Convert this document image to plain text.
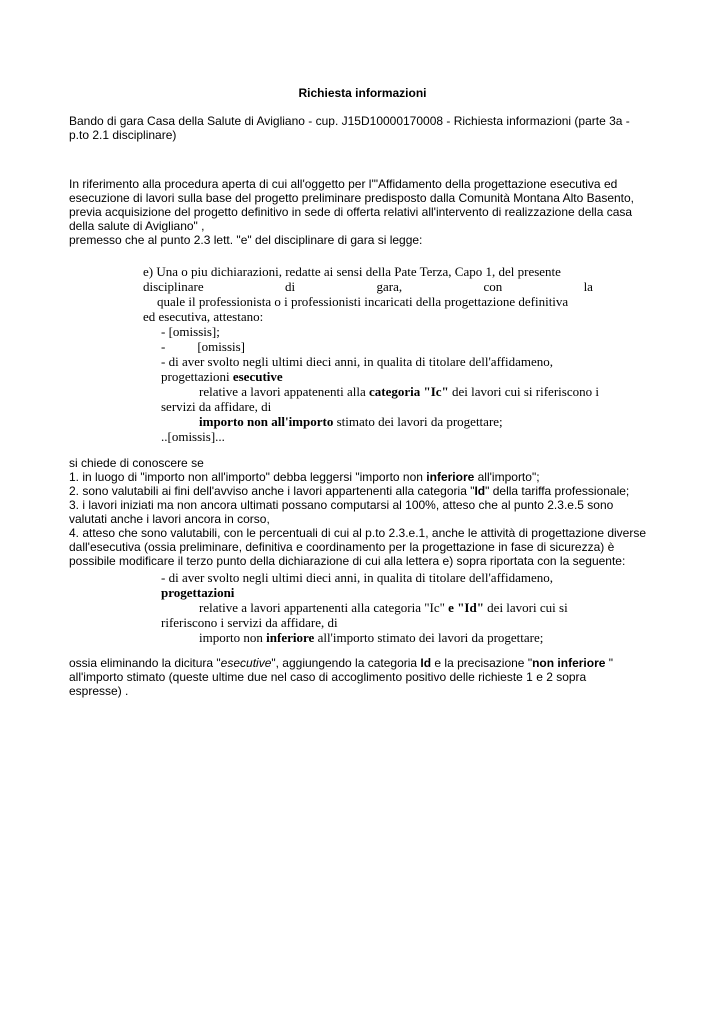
Richiesta informazioni
Bando di gara Casa della Salute di Avigliano - cup. J15D10000170008 - Richiesta informazioni (parte 3a -
p.to 2.1 disciplinare)
In riferimento alla procedura aperta di cui all'oggetto per l'"Affidamento della progettazione esecutiva ed
esecuzione di lavori sulla base del progetto preliminare predisposto dalla Comunità Montana Alto Basento,
previa acquisizione del progetto definitivo in sede di offerta relativi all'intervento di realizzazione della casa
della salute di Avigliano" ,
premesso che al punto 2.3 lett. "e" del disciplinare di gara si legge:
e) Una o piu dichiarazioni, redatte ai sensi della Pate Terza, Capo 1, del presente
disciplinare	di	gara,	con	la
quale il professionista o i professionisti incaricati della progettazione definitiva
ed esecutiva, attestano:
- [omissis];
- [omissis]
- di aver svolto negli ultimi dieci anni, in qualita di titolare dell'affidameno,
progettazioni esecutive
relative a lavori appatenenti alla categoria "Ic" dei lavori cui si riferiscono i
servizi da affidare, di
importo non all'importo stimato dei lavori da progettare;
..[omissis]...
si chiede di conoscere se
1. in luogo di "importo non all'importo" debba leggersi "importo non inferiore all'importo";
2. sono valutabili ai fini dell'avviso anche i lavori appartenenti alla categoria "Id" della tariffa professionale;
3. i lavori iniziati ma non ancora ultimati possano computarsi al 100%, atteso che al punto 2.3.e.5 sono
valutati anche i lavori ancora in corso,
4. atteso che sono valutabili, con le percentuali di cui al p.to 2.3.e.1, anche le attività di progettazione diverse
dall'esecutiva (ossia preliminare, definitiva e coordinamento per la progettazione in fase di sicurezza) è
possibile modificare il terzo punto della dichiarazione di cui alla lettera e) sopra riportata con la seguente:
- di aver svolto negli ultimi dieci anni, in qualita di titolare dell'affidameno,
progettazioni
relative a lavori appartenenti alla categoria "Ic" e "Id" dei lavori cui si
riferiscono i servizi da affidare, di
importo non inferiore all'importo stimato dei lavori da progettare;
ossia eliminando la dicitura "esecutive", aggiungendo la categoria Id e la precisazione "non inferiore "
all'importo stimato (queste ultime due nel caso di accoglimento positivo delle richieste 1 e 2 sopra
espresse) .
